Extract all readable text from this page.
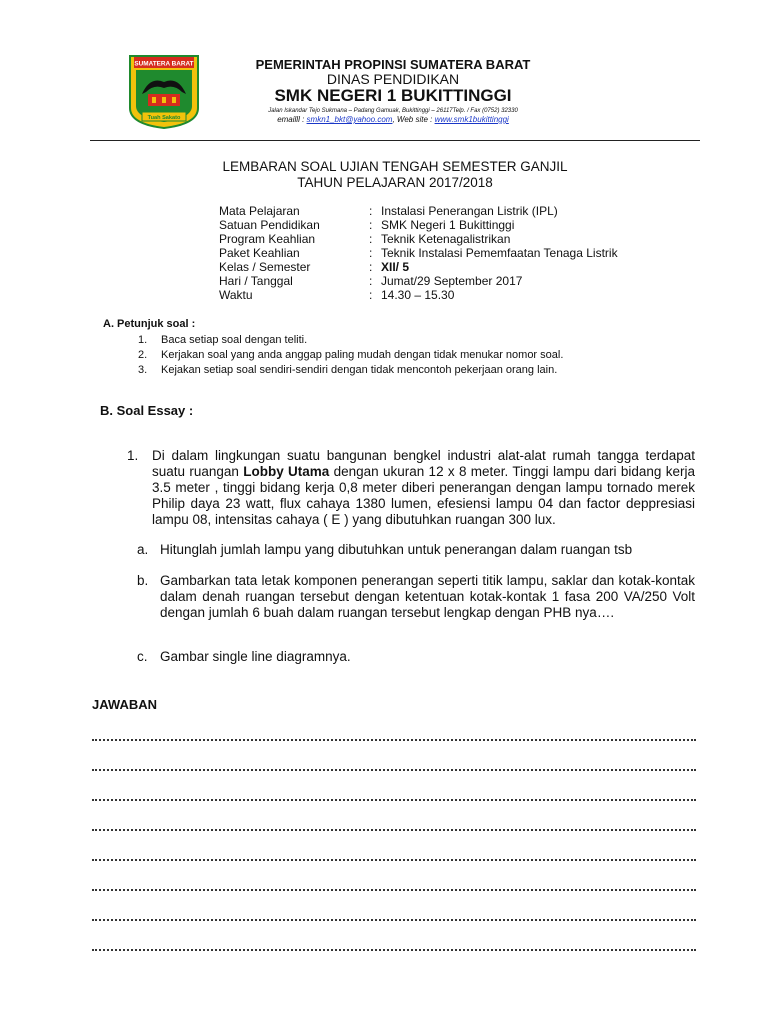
SUMATERA BARAT
Tuah Sakato
PEMERINTAH PROPINSI SUMATERA BARAT
DINAS PENDIDIKAN
SMK NEGERI 1 BUKITTINGGI
Jalan Iskandar Tejo Sukmana – Padang Gamuak, Bukittinggi – 26117Telp. / Fax (0752) 32330
emailll : smkn1_bkt@yahoo.com, Web site : www.smk1bukittinggi
LEMBARAN SOAL UJIAN TENGAH SEMESTER GANJIL
TAHUN PELAJARAN 2017/2018
Mata Pelajaran	: Instalasi Penerangan Listrik (IPL)
Satuan Pendidikan	: SMK Negeri 1 Bukittinggi
Program Keahlian	: Teknik Ketenagalistrikan
Paket Keahlian	: Teknik Instalasi Pememfaatan Tenaga Listrik
Kelas / Semester	: XII/ 5
Hari / Tanggal	: Jumat/29 September 2017
Waktu	: 14.30 – 15.30
A. Petunjuk soal :
1.	Baca setiap soal dengan teliti.
2.	Kerjakan soal yang anda anggap paling mudah dengan tidak menukar nomor soal.
3.	Kejakan setiap soal sendiri-sendiri dengan tidak mencontoh pekerjaan orang lain.
B. Soal Essay :
1.	Di dalam lingkungan suatu bangunan bengkel industri alat-alat rumah tangga terdapat suatu ruangan Lobby Utama dengan ukuran 12 x 8 meter. Tinggi lampu dari bidang kerja 3.5 meter , tinggi bidang kerja 0,8 meter diberi penerangan dengan lampu tornado merek Philip daya 23 watt, flux cahaya 1380 lumen, efesiensi lampu 04 dan factor deppresiasi lampu 08, intensitas cahaya ( E ) yang dibutuhkan ruangan 300 lux.
a. Hitunglah jumlah lampu yang dibutuhkan untuk penerangan dalam ruangan tsb
b. Gambarkan tata letak komponen penerangan seperti titik lampu, saklar dan kotak-kontak dalam denah ruangan tersebut dengan ketentuan kotak-kontak 1 fasa 200 VA/250 Volt dengan jumlah 6 buah dalam ruangan tersebut lengkap dengan PHB nya….
c. Gambar single line diagramnya.
JAWABAN
